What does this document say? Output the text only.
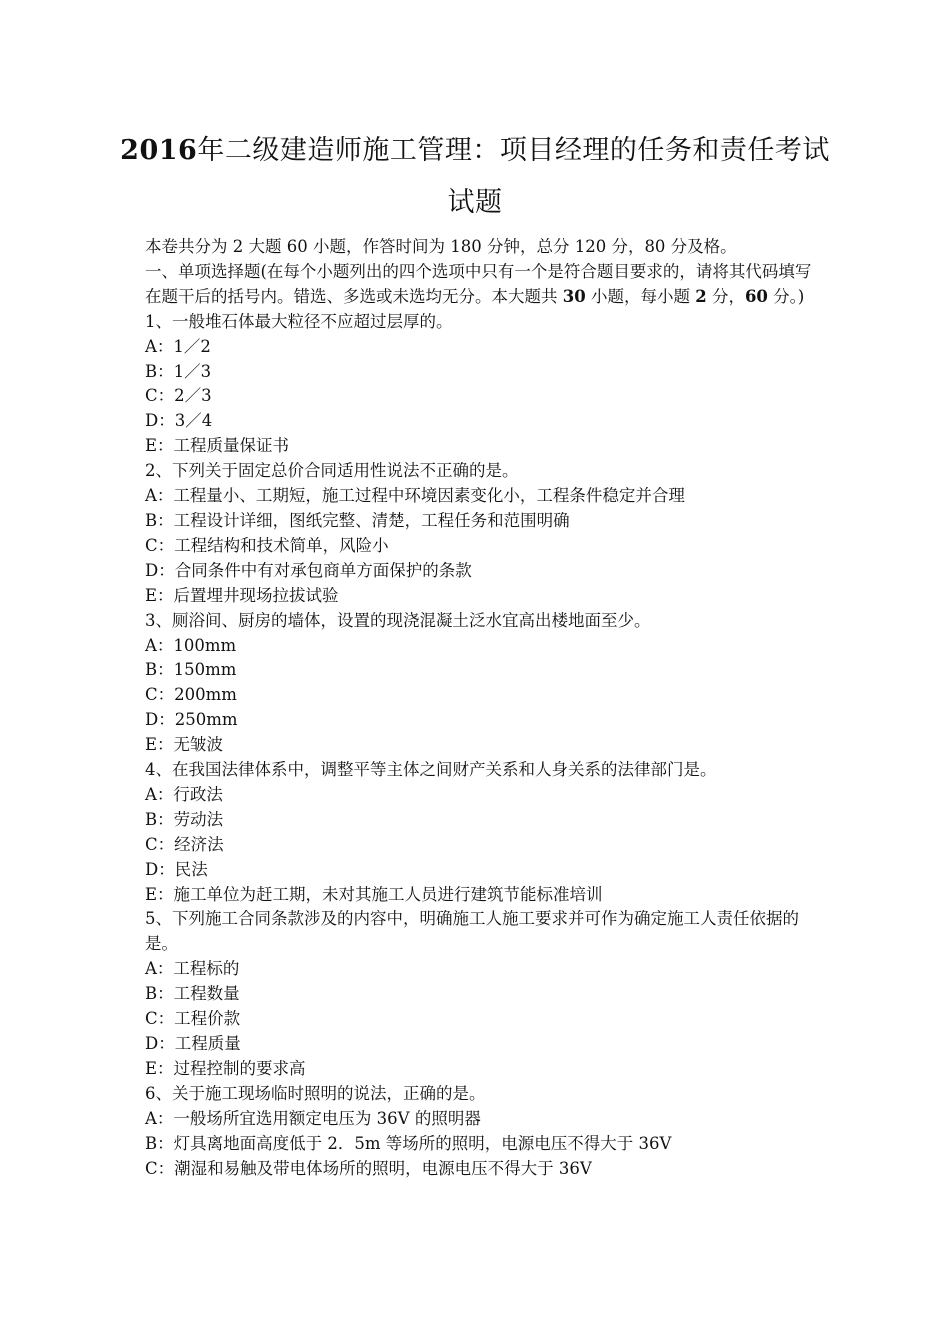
2016年二级建造师施工管理：项目经理的任务和责任考试
试题
本卷共分为 2 大题 60 小题，作答时间为 180 分钟，总分 120 分，80 分及格。
一、单项选择题(在每个小题列出的四个选项中只有一个是符合题目要求的，请将其代码填写在题干后的括号内。错选、多选或未选均无分。本大题共 30 小题，每小题 2 分，60 分。)
1、一般堆石体最大粒径不应超过层厚的。
A：1／2
B：1／3
C：2／3
D：3／4
E：工程质量保证书
2、下列关于固定总价合同适用性说法不正确的是。
A：工程量小、工期短，施工过程中环境因素变化小，工程条件稳定并合理
B：工程设计详细，图纸完整、清楚，工程任务和范围明确
C：工程结构和技术简单，风险小
D：合同条件中有对承包商单方面保护的条款
E：后置埋井现场拉拔试验
3、厕浴间、厨房的墙体，设置的现浇混凝土泛水宜高出楼地面至少。
A：100mm
B：150mm
C：200mm
D：250mm
E：无皱波
4、在我国法律体系中，调整平等主体之间财产关系和人身关系的法律部门是。
A：行政法
B：劳动法
C：经济法
D：民法
E：施工单位为赶工期，未对其施工人员进行建筑节能标准培训
5、下列施工合同条款涉及的内容中，明确施工人施工要求并可作为确定施工人责任依据的是。
A：工程标的
B：工程数量
C：工程价款
D：工程质量
E：过程控制的要求高
6、关于施工现场临时照明的说法，正确的是。
A：一般场所宜选用额定电压为 36V 的照明器
B：灯具离地面高度低于 2．5m 等场所的照明，电源电压不得大于 36V
C：潮湿和易触及带电体场所的照明，电源电压不得大于 36V
